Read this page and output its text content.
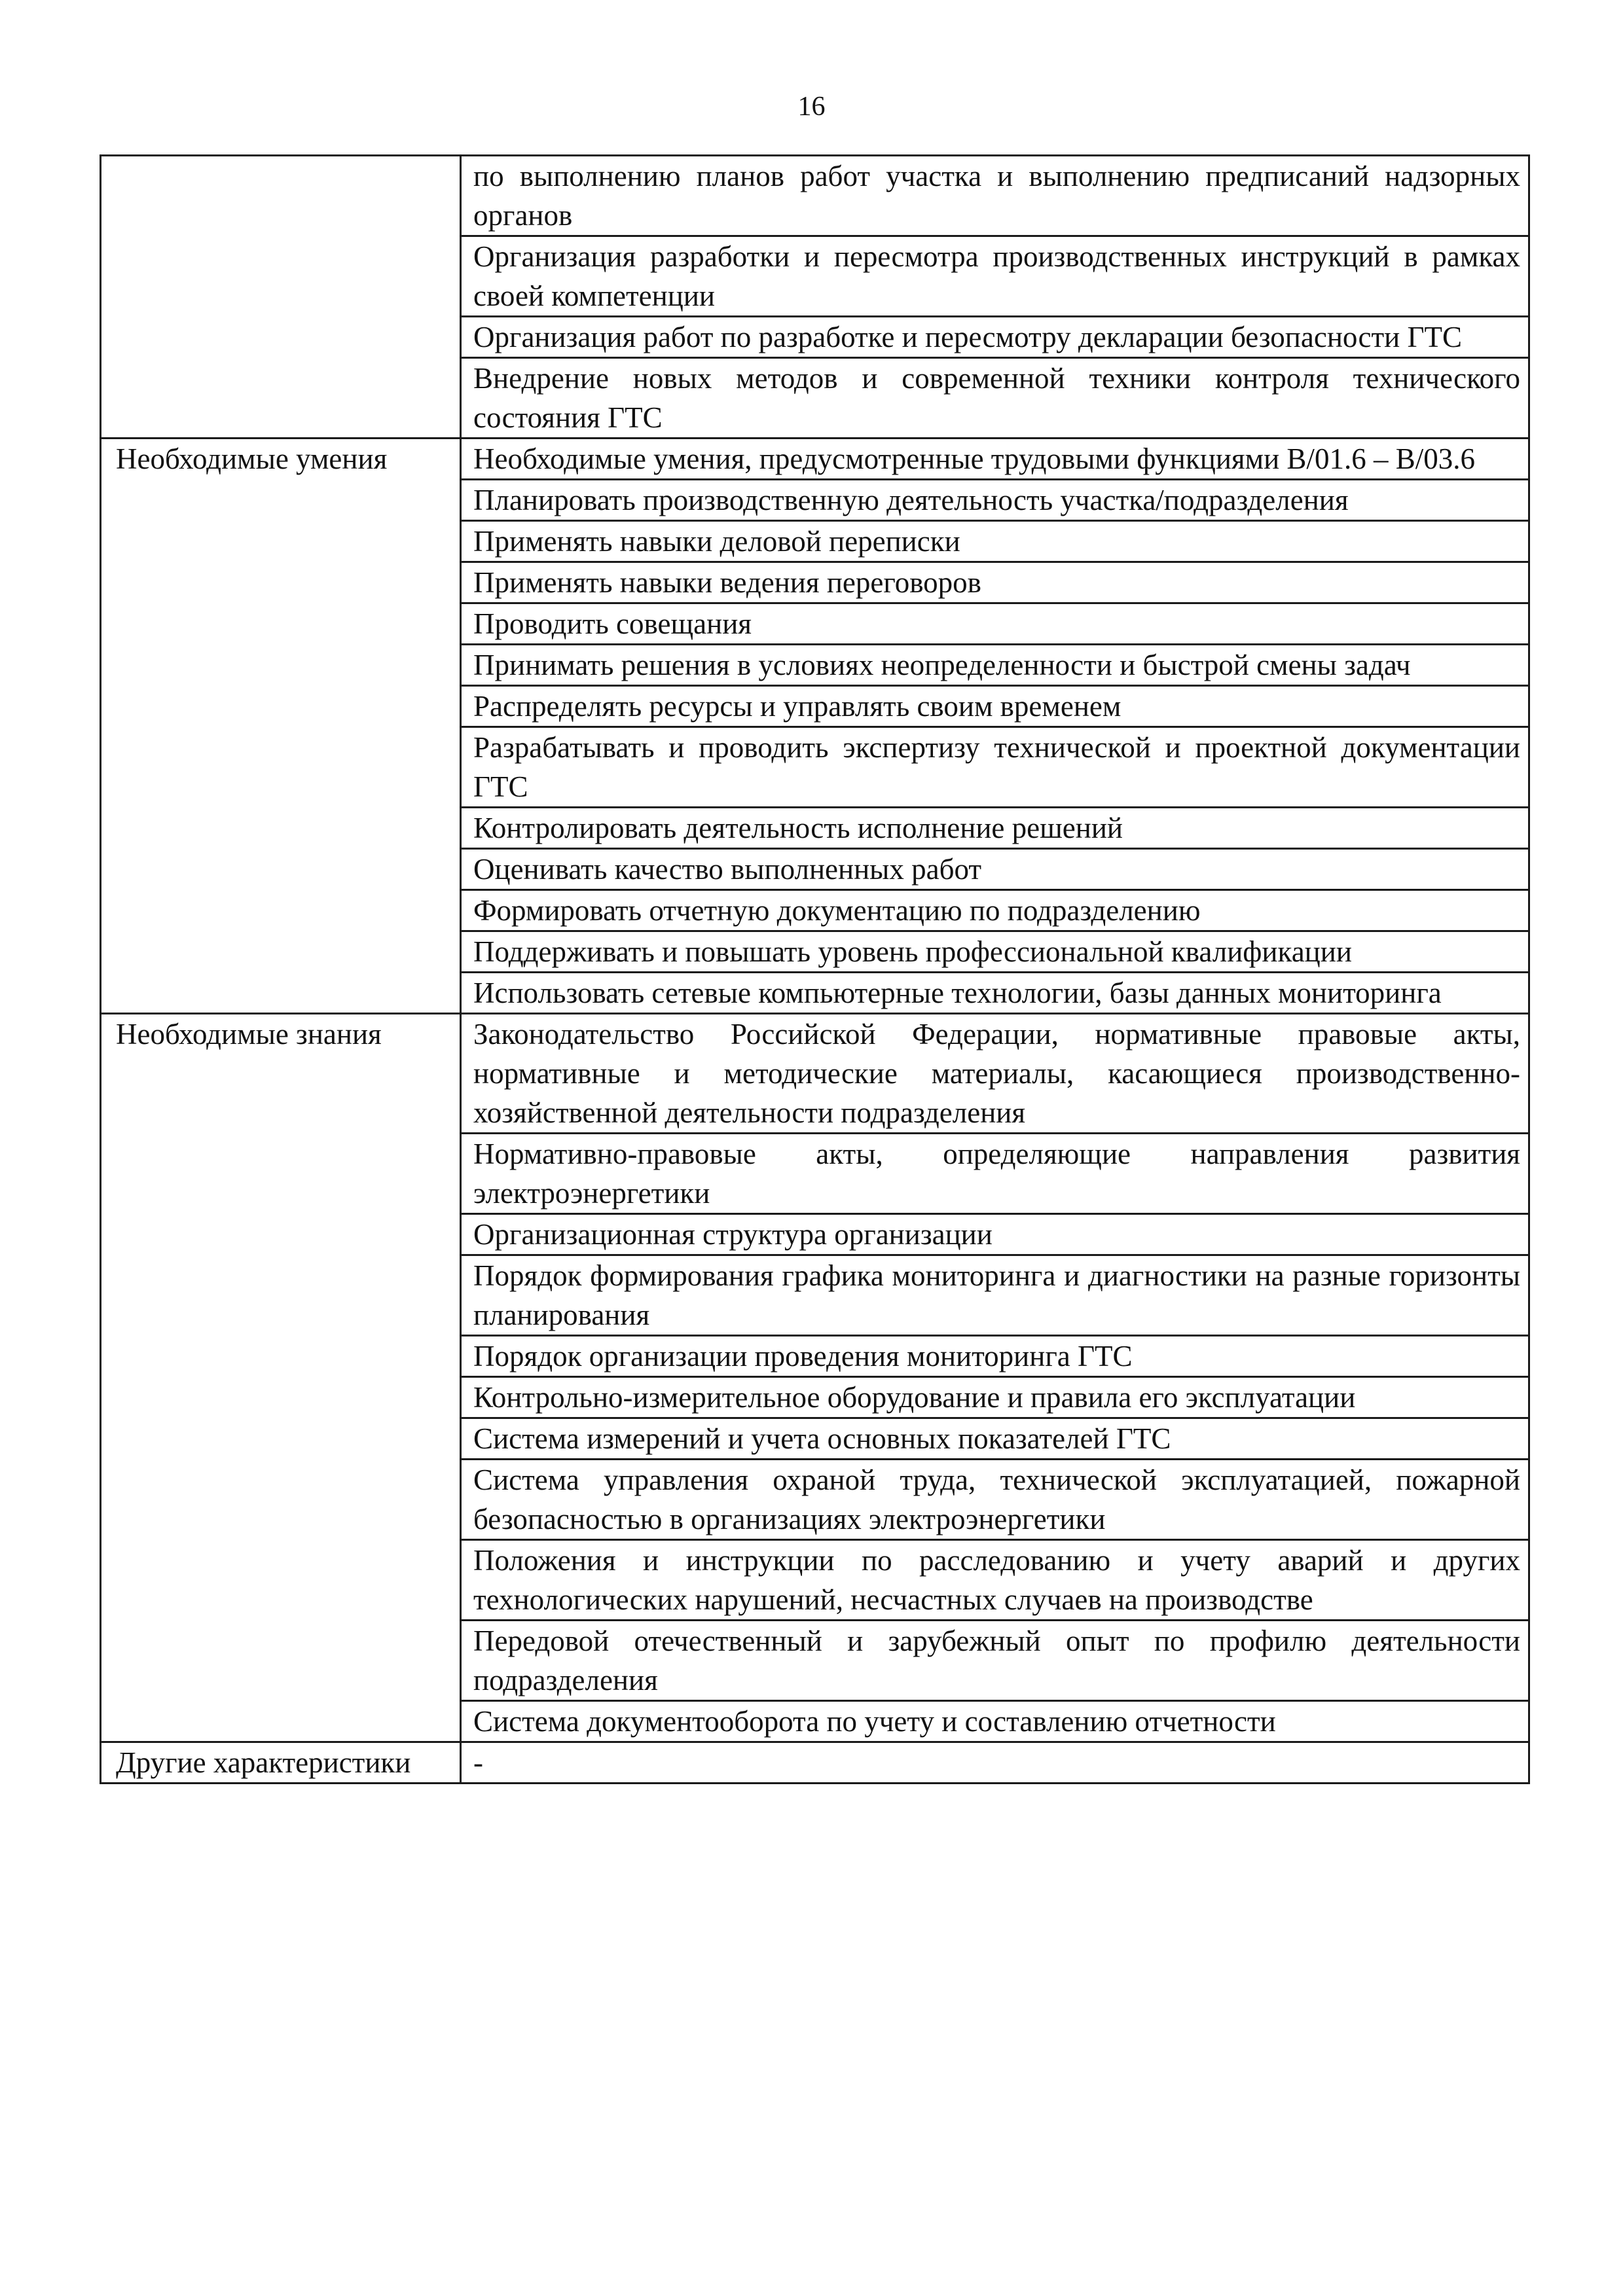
16
	по выполнению планов работ участка и выполнению предписаний надзорных органов
	Организация разработки и пересмотра производственных инструкций в рамках своей компетенции
	Организация работ по разработке и пересмотру декларации безопасности ГТС
	Внедрение новых методов и современной техники контроля технического состояния ГТС
Необходимые умения	Необходимые умения, предусмотренные трудовыми функциями B/01.6 – B/03.6
	Планировать производственную деятельность участка/подразделения
	Применять навыки деловой переписки
	Применять навыки ведения переговоров
	Проводить совещания
	Принимать решения в условиях неопределенности и быстрой смены задач
	Распределять ресурсы и управлять своим временем
	Разрабатывать и проводить экспертизу технической и проектной документации ГТС
	Контролировать деятельность исполнение решений
	Оценивать качество выполненных работ
	Формировать отчетную документацию по подразделению
	Поддерживать и повышать уровень профессиональной квалификации
	Использовать сетевые компьютерные технологии, базы данных мониторинга
Необходимые знания	Законодательство Российской Федерации, нормативные правовые акты, нормативные и методические материалы, касающиеся производственно-хозяйственной деятельности подразделения
	Нормативно-правовые акты, определяющие направления развития электроэнергетики
	Организационная структура организации
	Порядок формирования графика мониторинга и диагностики на разные горизонты планирования
	Порядок организации проведения мониторинга ГТС
	Контрольно-измерительное оборудование и правила его эксплуатации
	Система измерений и учета основных показателей ГТС
	Система управления охраной труда, технической эксплуатацией, пожарной безопасностью в организациях электроэнергетики
	Положения и инструкции по расследованию и учету аварий и других технологических нарушений, несчастных случаев на производстве
	Передовой отечественный и зарубежный опыт по профилю деятельности подразделения
	Система документооборота по учету и составлению отчетности
Другие характеристики	-
